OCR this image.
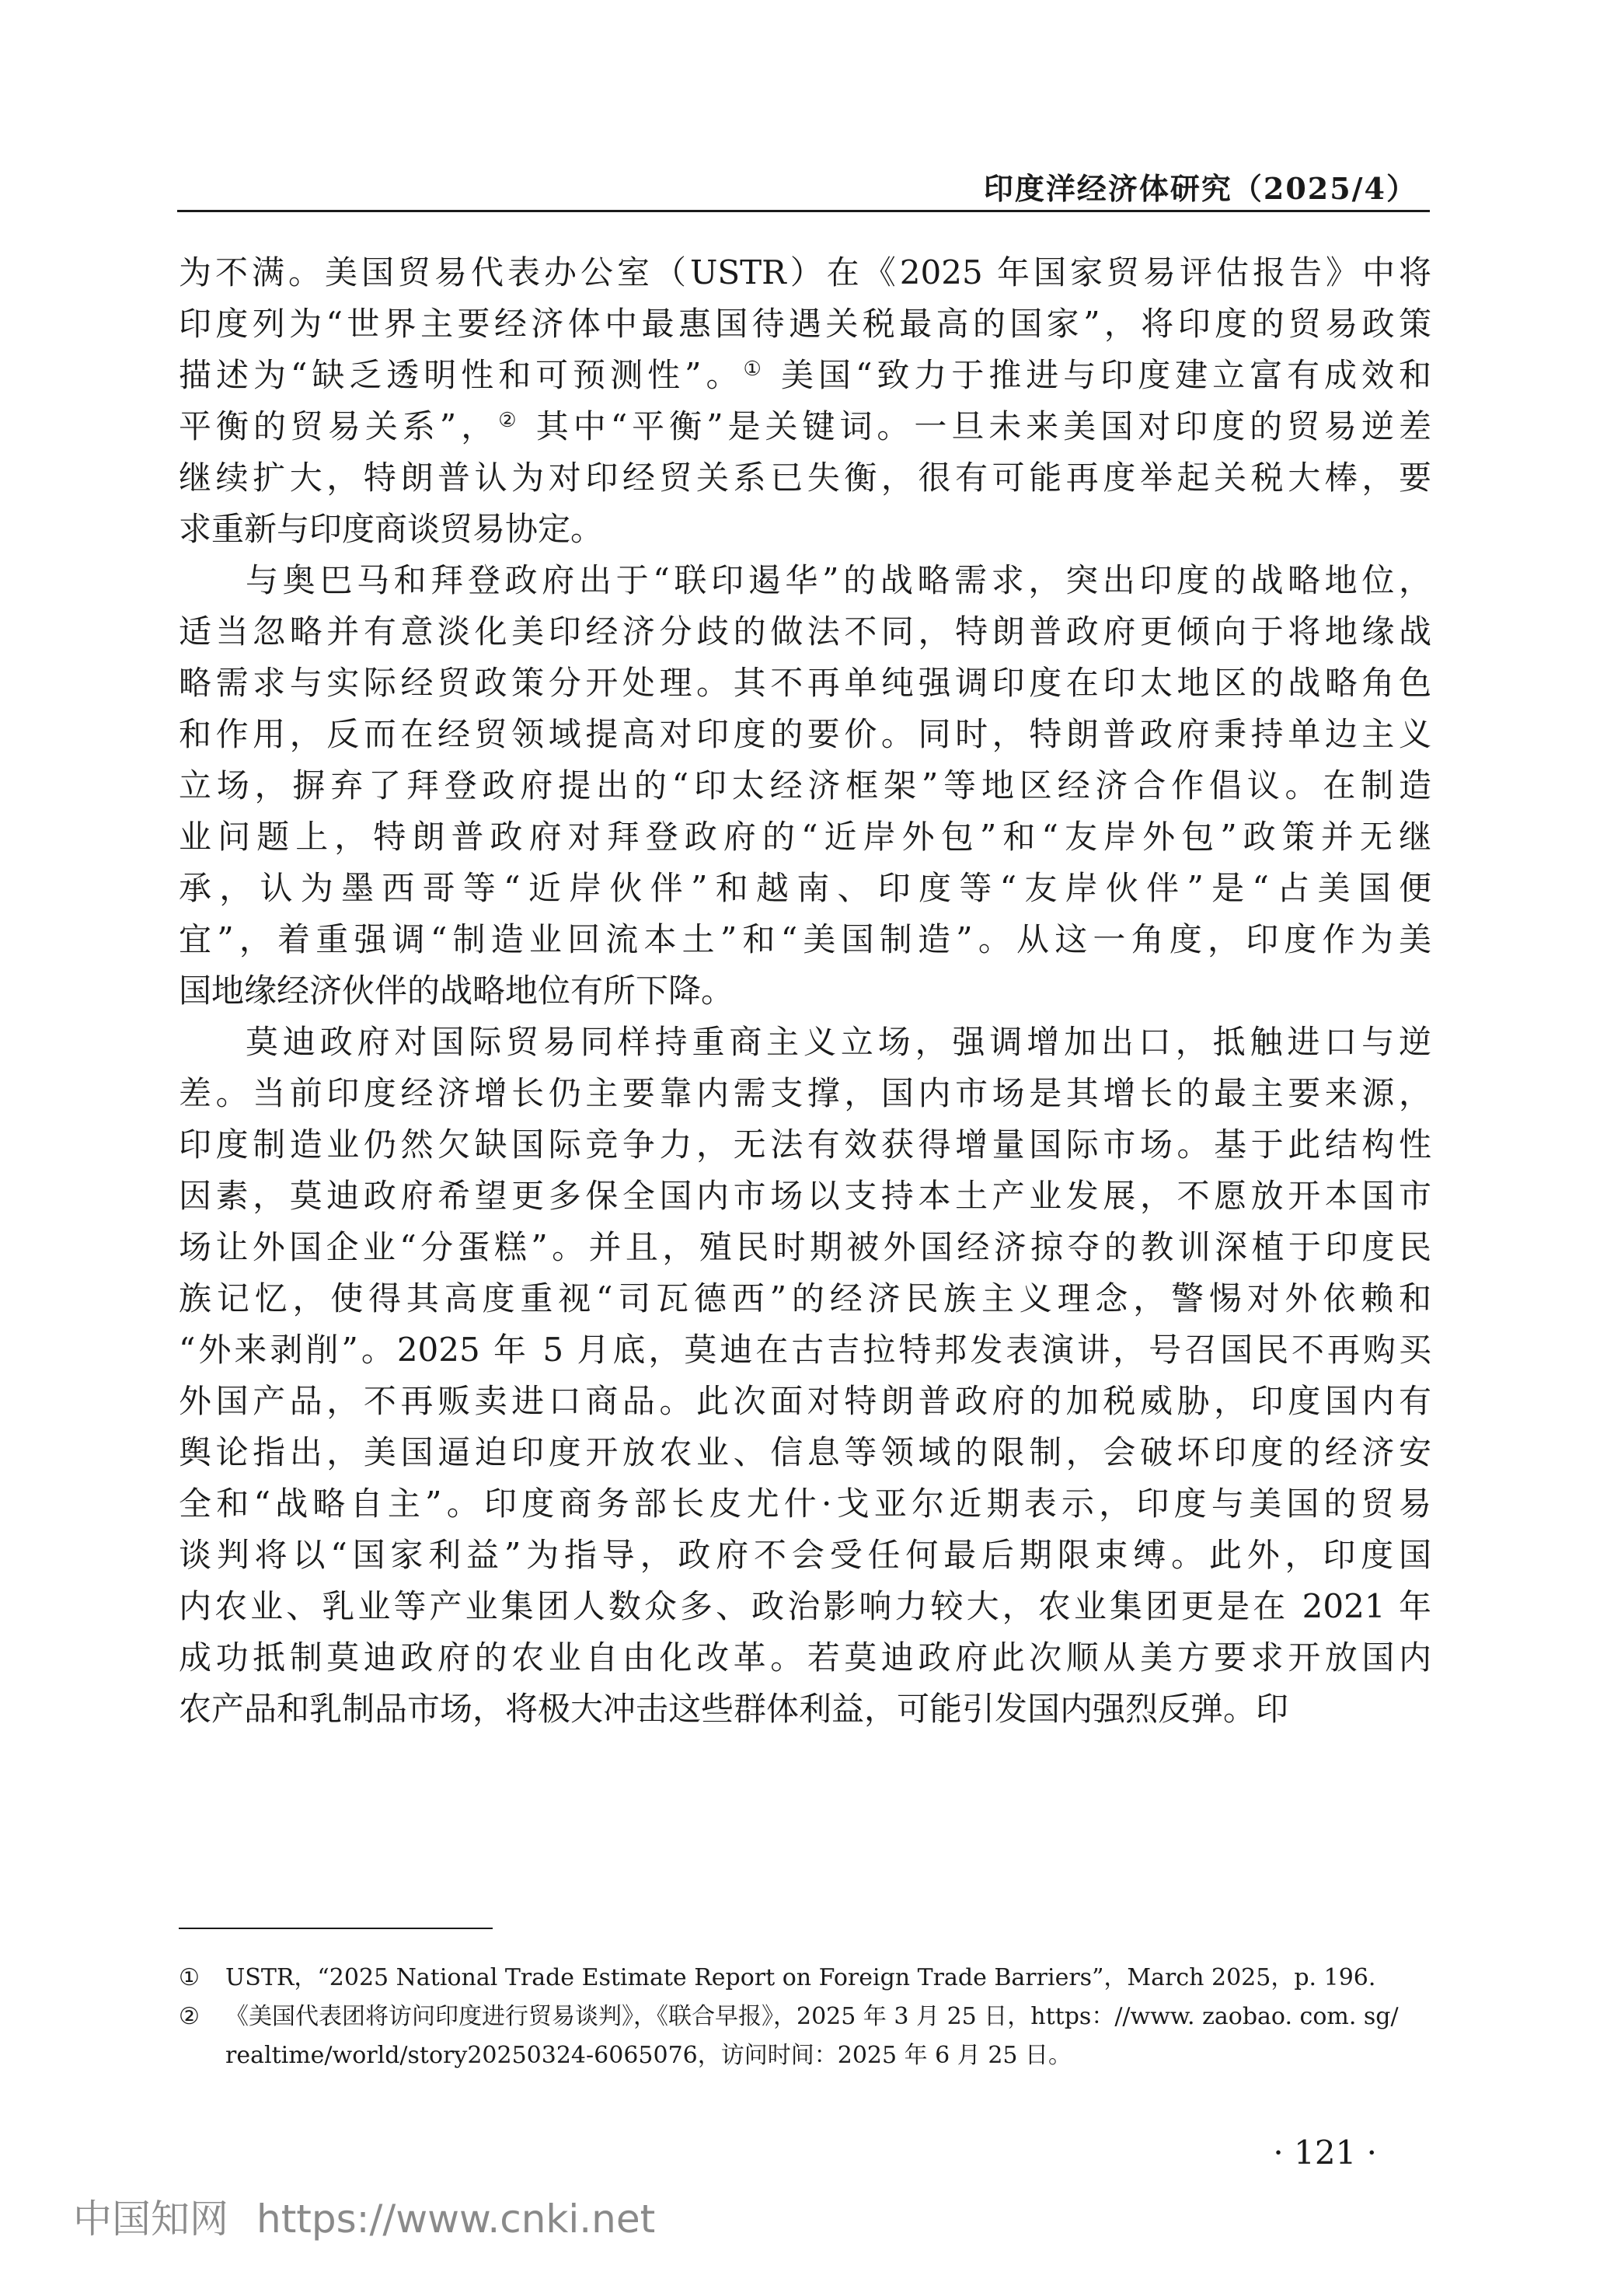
印度洋经济体研究（2025/4）
为不满。美国贸易代表办公室（USTR）在《2025 年国家贸易评估报告》中将
印度列为“世界主要经济体中最惠国待遇关税最高的国家”，将印度的贸易政策
描述为“缺乏透明性和可预测性”。① 美国“致力于推进与印度建立富有成效和
平衡的贸易关系”，② 其中“平衡”是关键词。一旦未来美国对印度的贸易逆差
继续扩大，特朗普认为对印经贸关系已失衡，很有可能再度举起关税大棒，要
求重新与印度商谈贸易协定。
与奥巴马和拜登政府出于“联印遏华”的战略需求，突出印度的战略地位，
适当忽略并有意淡化美印经济分歧的做法不同，特朗普政府更倾向于将地缘战
略需求与实际经贸政策分开处理。其不再单纯强调印度在印太地区的战略角色
和作用，反而在经贸领域提高对印度的要价。同时，特朗普政府秉持单边主义
立场，摒弃了拜登政府提出的“印太经济框架”等地区经济合作倡议。在制造
业问题上，特朗普政府对拜登政府的“近岸外包”和“友岸外包”政策并无继
承，认为墨西哥等“近岸伙伴”和越南、印度等“友岸伙伴”是“占美国便
宜”，着重强调“制造业回流本土”和“美国制造”。从这一角度，印度作为美
国地缘经济伙伴的战略地位有所下降。
莫迪政府对国际贸易同样持重商主义立场，强调增加出口，抵触进口与逆
差。当前印度经济增长仍主要靠内需支撑，国内市场是其增长的最主要来源，
印度制造业仍然欠缺国际竞争力，无法有效获得增量国际市场。基于此结构性
因素，莫迪政府希望更多保全国内市场以支持本土产业发展，不愿放开本国市
场让外国企业“分蛋糕”。并且，殖民时期被外国经济掠夺的教训深植于印度民
族记忆，使得其高度重视“司瓦德西”的经济民族主义理念，警惕对外依赖和
“外来剥削”。2025 年 5 月底，莫迪在古吉拉特邦发表演讲，号召国民不再购买
外国产品，不再贩卖进口商品。此次面对特朗普政府的加税威胁，印度国内有
舆论指出，美国逼迫印度开放农业、信息等领域的限制，会破坏印度的经济安
全和“战略自主”。印度商务部长皮尤什·戈亚尔近期表示，印度与美国的贸易
谈判将以“国家利益”为指导，政府不会受任何最后期限束缚。此外，印度国
内农业、乳业等产业集团人数众多、政治影响力较大，农业集团更是在 2021 年
成功抵制莫迪政府的农业自由化改革。若莫迪政府此次顺从美方要求开放国内
农产品和乳制品市场，将极大冲击这些群体利益，可能引发国内强烈反弹。印
① USTR，“2025 National Trade Estimate Report on Foreign Trade Barriers”，March 2025，p. 196.
② 《美国代表团将访问印度进行贸易谈判》，《联合早报》，2025 年 3 月 25 日，https：//www. zaobao. com. sg/
realtime/world/story20250324-6065076，访问时间：2025 年 6 月 25 日。
· 121 ·
中国知网 https://www.cnki.net
